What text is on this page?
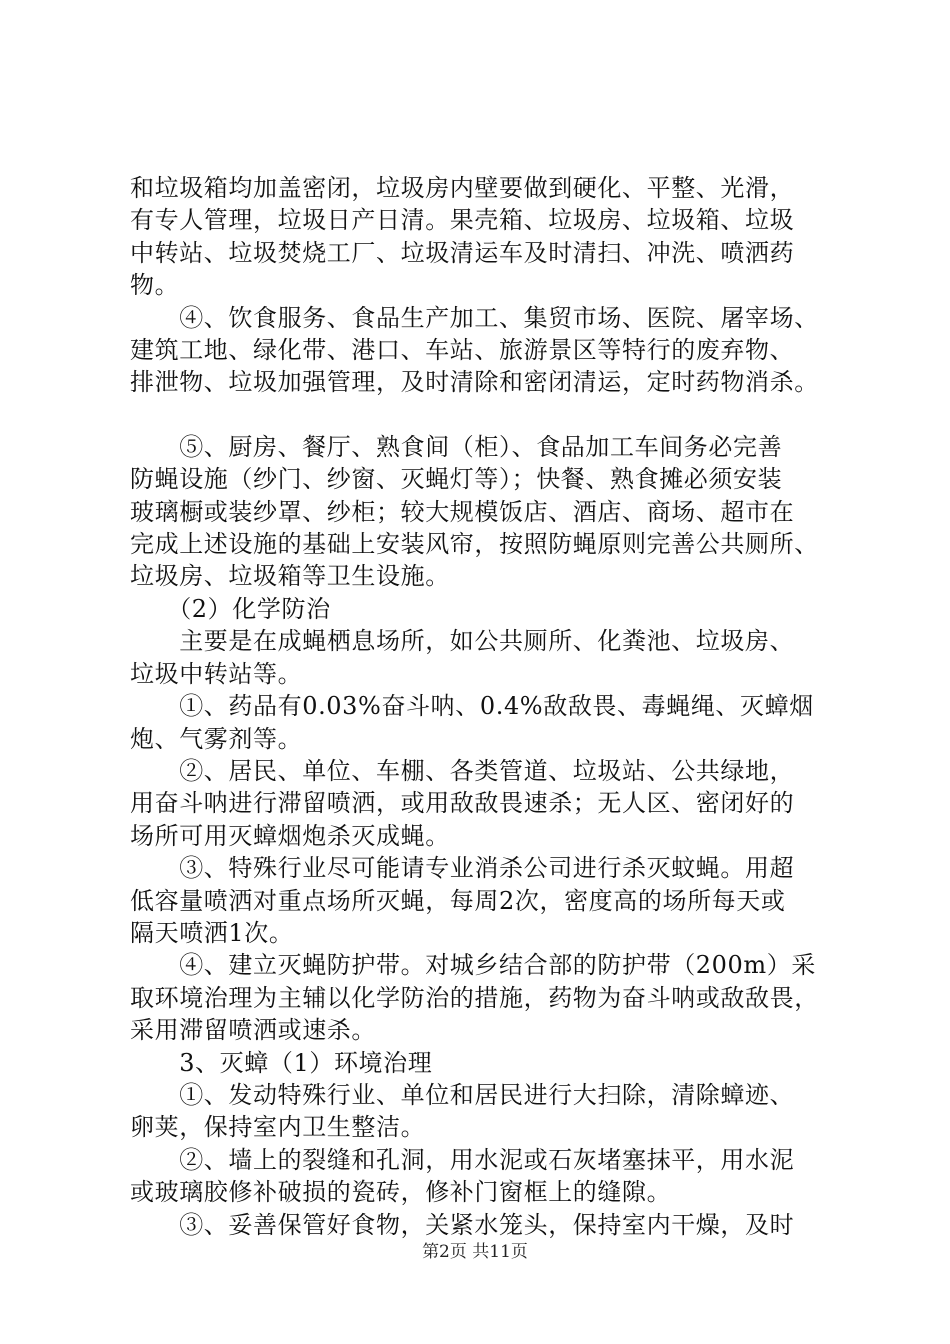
和垃圾箱均加盖密闭，垃圾房内壁要做到硬化、平整、光滑，
有专人管理，垃圾日产日清。果壳箱、垃圾房、垃圾箱、垃圾
中转站、垃圾焚烧工厂、垃圾清运车及时清扫、冲洗、喷洒药
物。
　　④、饮食服务、食品生产加工、集贸市场、医院、屠宰场、
建筑工地、绿化带、港口、车站、旅游景区等特行的废弃物、
排泄物、垃圾加强管理，及时清除和密闭清运，定时药物消杀。
　　⑤、厨房、餐厅、熟食间（柜）、食品加工车间务必完善
防蝇设施（纱门、纱窗、灭蝇灯等）；快餐、熟食摊必须安装
玻璃橱或装纱罩、纱柜；较大规模饭店、酒店、商场、超市在
完成上述设施的基础上安装风帘，按照防蝇原则完善公共厕所、
垃圾房、垃圾箱等卫生设施。
　　（2）化学防治
　　主要是在成蝇栖息场所，如公共厕所、化粪池、垃圾房、
垃圾中转站等。
　　①、药品有0.03%奋斗呐、0.4%敌敌畏、毒蝇绳、灭蟑烟
炮、气雾剂等。
　　②、居民、单位、车棚、各类管道、垃圾站、公共绿地，
用奋斗呐进行滞留喷洒，或用敌敌畏速杀；无人区、密闭好的
场所可用灭蟑烟炮杀灭成蝇。
　　③、特殊行业尽可能请专业消杀公司进行杀灭蚊蝇。用超
低容量喷洒对重点场所灭蝇，每周2次，密度高的场所每天或
隔天喷洒1次。
　　④、建立灭蝇防护带。对城乡结合部的防护带（200m）采
取环境治理为主辅以化学防治的措施，药物为奋斗呐或敌敌畏，
采用滞留喷洒或速杀。
　　3、灭蟑（1）环境治理
　　①、发动特殊行业、单位和居民进行大扫除，清除蟑迹、
卵荚，保持室内卫生整洁。
　　②、墙上的裂缝和孔洞，用水泥或石灰堵塞抹平，用水泥
或玻璃胶修补破损的瓷砖，修补门窗框上的缝隙。
　　③、妥善保管好食物，关紧水笼头，保持室内干燥，及时
第2页 共11页
